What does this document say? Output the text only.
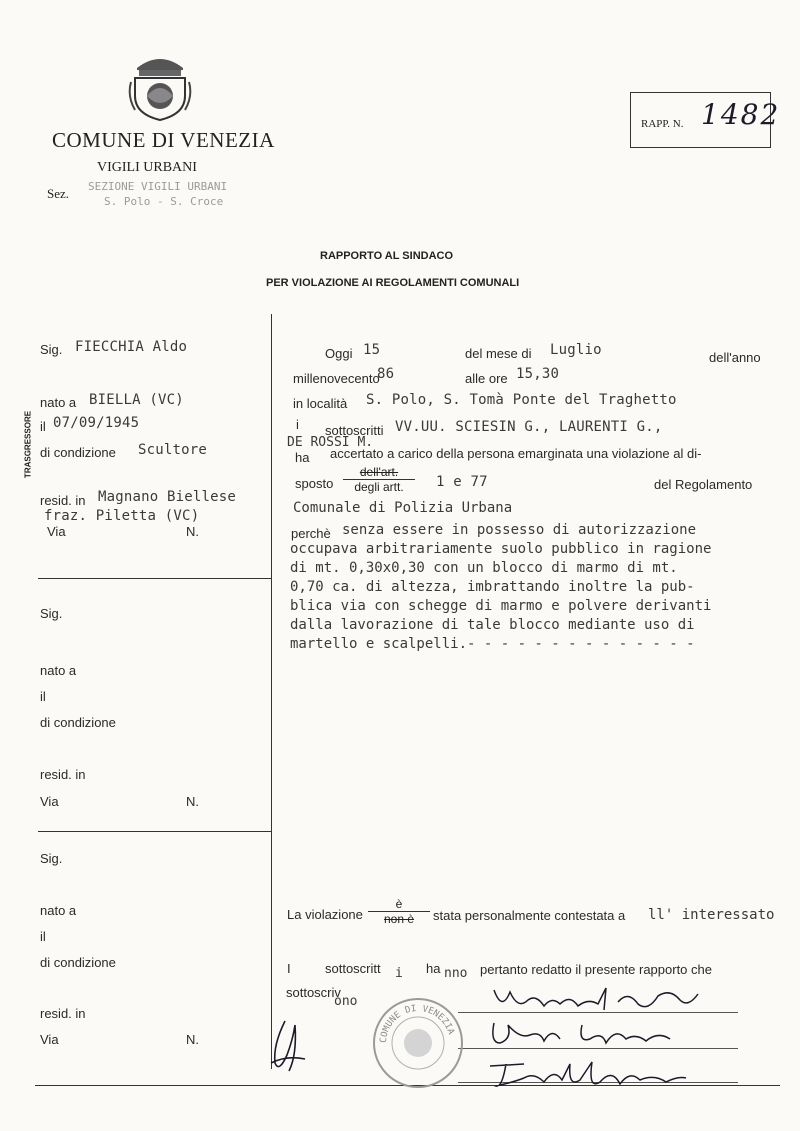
COMUNE DI VENEZIA
VIGILI URBANI
Sez. SEZIONE VIGILI URBANI
S. Polo - S. Croce
RAPP. N. 1482
RAPPORTO AL SINDACO
PER VIOLAZIONE AI REGOLAMENTI COMUNALI
TRASGRESSORE
Sig. FIECCHIA Aldo
nato a BIELLA (VC)
il 07/09/1945
di condizione Scultore
resid. in Magnano Biellese
fraz. Piletta (VC)
Via	N.
Sig.
nato a
il
di condizione
resid. in
Via	N.
Sig.
nato a
il
di condizione
resid. in
Via	N.
Oggi 15	del mese di Luglio	dell'anno
millenovecento
86	alle ore 15,30
in località S. Polo, S. Tomà Ponte del Traghetto
i sottoscritti VV.UU. SCIESIN G., LAURENTI G.,
DE ROSSI M.
ha accertato a carico della persona emarginata una violazione al di-
sposto
dell'art.
degli artt.	1 e 77	del Regolamento
Comunale di Polizia Urbana
perchè senza essere in possesso di autorizzazione
occupava arbitrariamente suolo pubblico in ragione
di mt. 0,30x0,30 con un blocco di marmo di mt.
0,70 ca. di altezza, imbrattando inoltre la pub-
blica via con schegge di marmo e polvere derivanti
dalla lavorazione di tale blocco mediante uso di
martello e scalpelli.- - - - - - - - - - - - - -
La violazione
è
non è	stata personalmente contestata a ll' interessato
I	sottoscritt i ha nno pertanto redatto il presente rapporto che
sottoscriv
ono
COMUNE DI VENEZIA
